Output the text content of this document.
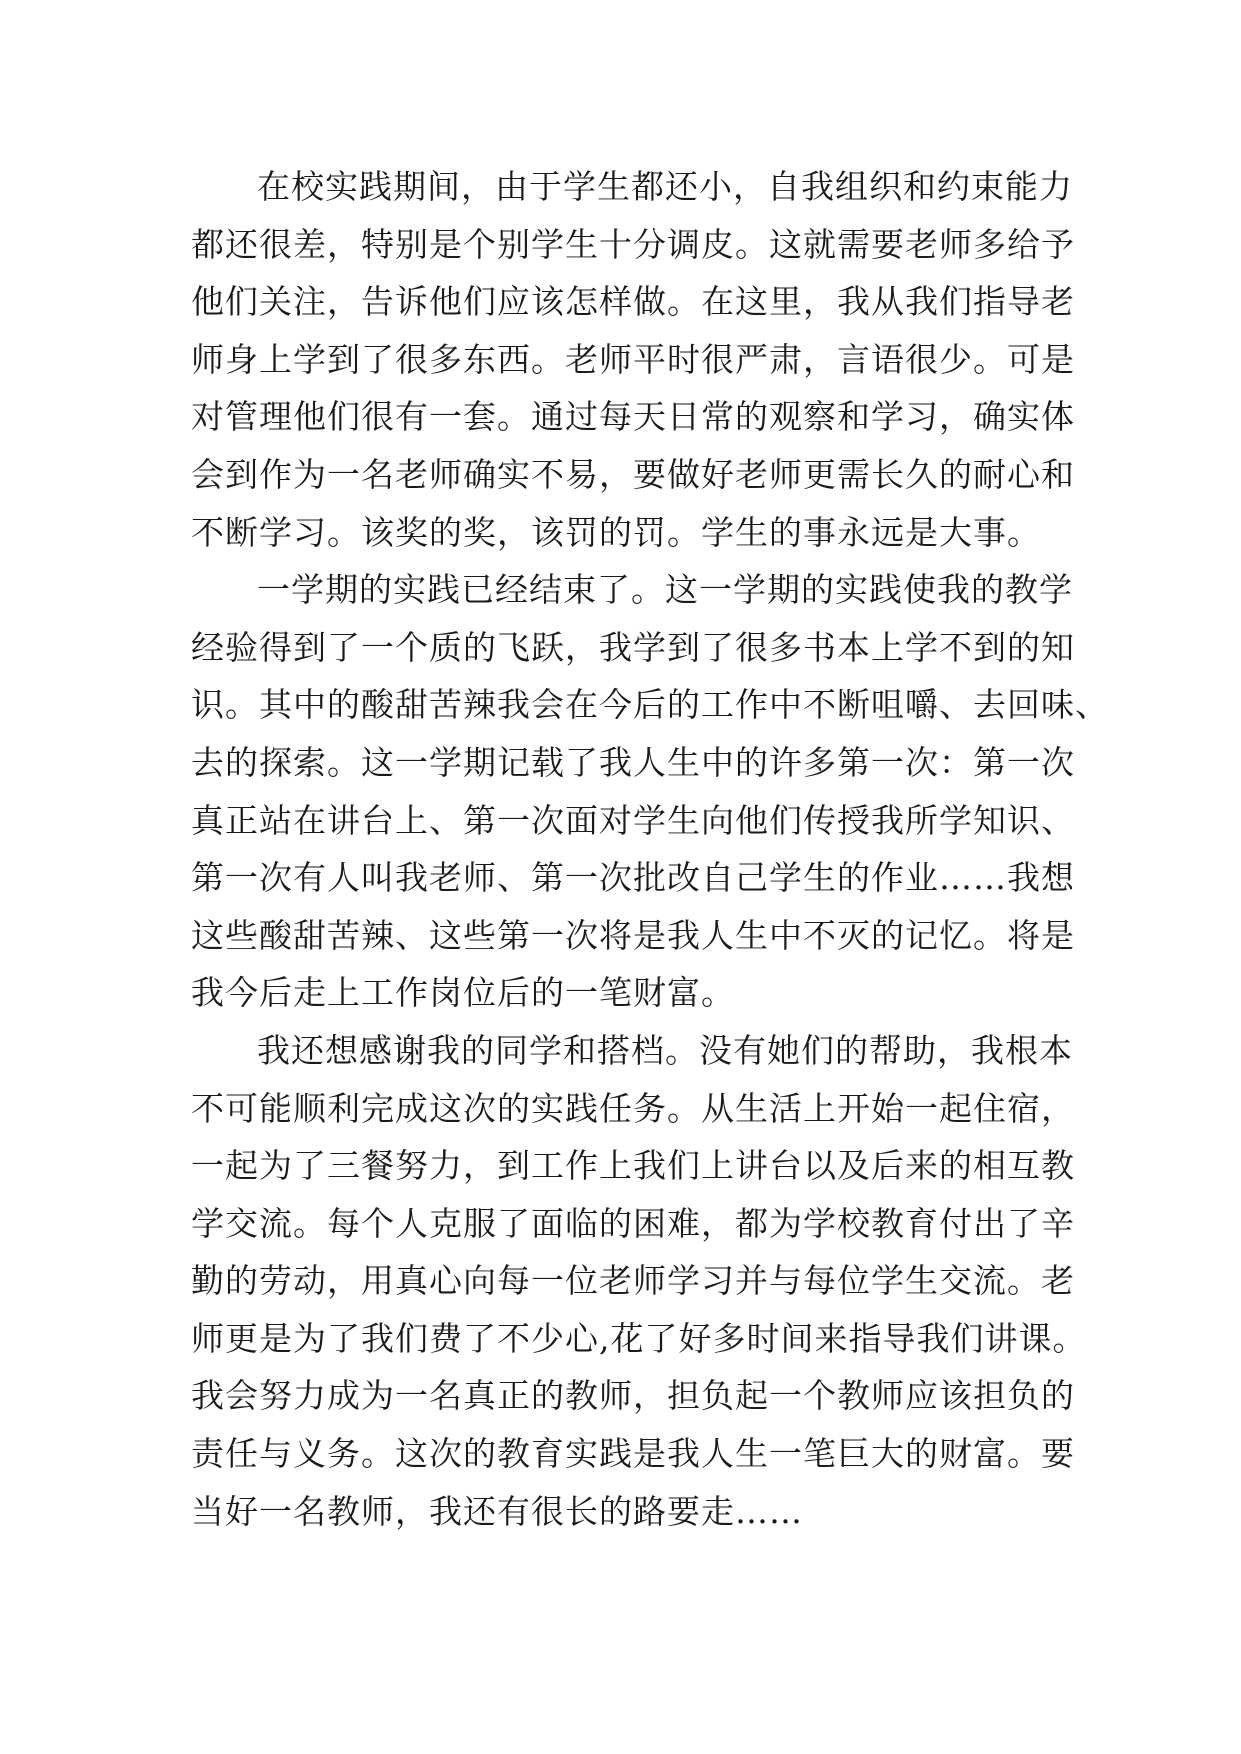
在校实践期间，由于学生都还小，自我组织和约束能力
都还很差，特别是个别学生十分调皮。这就需要老师多给予
他们关注，告诉他们应该怎样做。在这里，我从我们指导老
师身上学到了很多东西。老师平时很严肃，言语很少。可是
对管理他们很有一套。通过每天日常的观察和学习，确实体
会到作为一名老师确实不易，要做好老师更需长久的耐心和
不断学习。该奖的奖，该罚的罚。学生的事永远是大事。
一学期的实践已经结束了。这一学期的实践使我的教学
经验得到了一个质的飞跃，我学到了很多书本上学不到的知
识。其中的酸甜苦辣我会在今后的工作中不断咀嚼、去回味、
去的探索。这一学期记载了我人生中的许多第一次：第一次
真正站在讲台上、第一次面对学生向他们传授我所学知识、
第一次有人叫我老师、第一次批改自己学生的作业……我想
这些酸甜苦辣、这些第一次将是我人生中不灭的记忆。将是
我今后走上工作岗位后的一笔财富。
我还想感谢我的同学和搭档。没有她们的帮助，我根本
不可能顺利完成这次的实践任务。从生活上开始一起住宿，
一起为了三餐努力，到工作上我们上讲台以及后来的相互教
学交流。每个人克服了面临的困难，都为学校教育付出了辛
勤的劳动，用真心向每一位老师学习并与每位学生交流。老
师更是为了我们费了不少心,花了好多时间来指导我们讲课。
我会努力成为一名真正的教师，担负起一个教师应该担负的
责任与义务。这次的教育实践是我人生一笔巨大的财富。要
当好一名教师，我还有很长的路要走……
